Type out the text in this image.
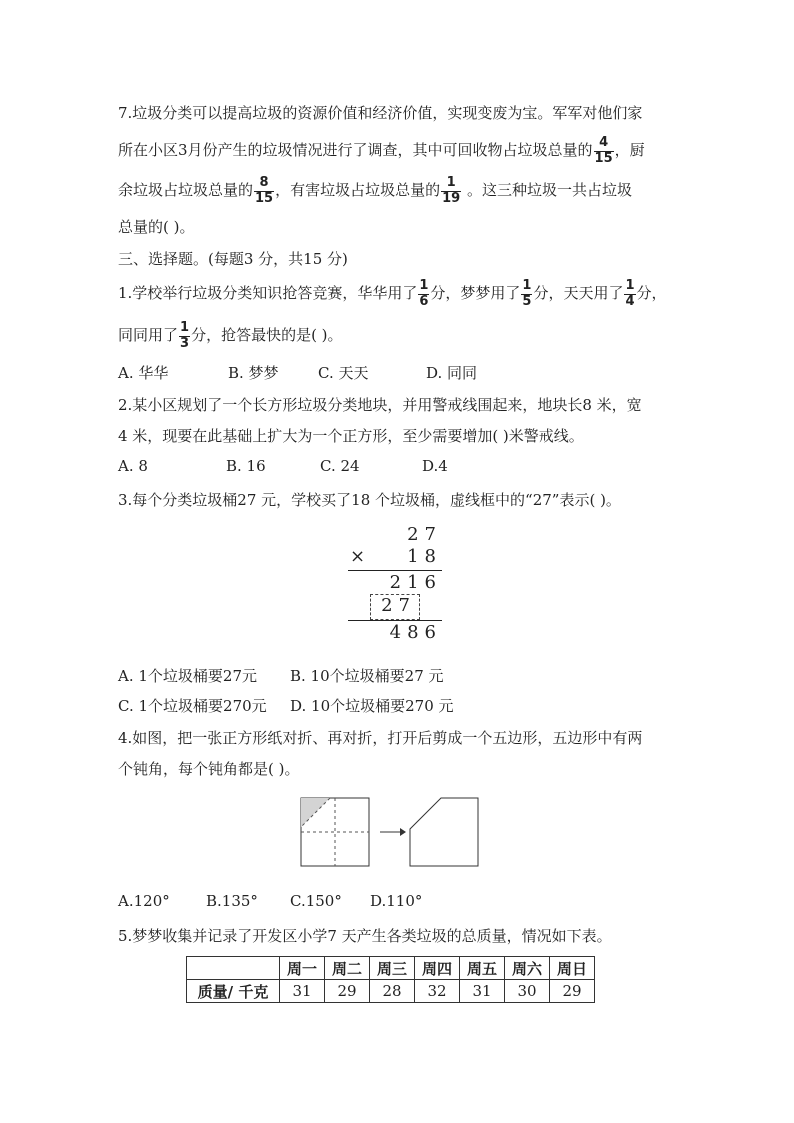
7.垃圾分类可以提高垃圾的资源价值和经济价值，实现变废为宝。军军对他们家
所在小区3月份产生的垃圾情况进行了调查，其中可回收物占垃圾总量的 $\frac{4}{15}$ ，厨
余垃圾占垃圾总量的 $\frac{8}{15}$ ，有害垃圾占垃圾总量的 $\frac{1}{19}$ 。这三种垃圾一共占垃圾
总量的( )。
三、选择题。(每题3 分，共15 分)
1.学校举行垃圾分类知识抢答竞赛，华华用了 $\frac{1}{6}$ 分，梦梦用了 $\frac{1}{5}$ 分，天天用了 $\frac{1}{4}$ 分，
同同用了 $\frac{1}{3}$ 分，抢答最快的是( )。
A. 华华	B. 梦梦	C. 天天	D. 同同
2.某小区规划了一个长方形垃圾分类地块，并用警戒线围起来，地块长8 米，宽
4 米，现要在此基础上扩大为一个正方形，至少需要增加( )米警戒线。
A. 8	B. 16	C. 24	D.4
3.每个分类垃圾桶27 元，学校买了18 个垃圾桶，虚线框中的“27”表示( )。
27
× 18
216
27
486
A. 1个垃圾桶要27元 B. 10个垃圾桶要27 元
C. 1个垃圾桶要270元 D. 10个垃圾桶要270 元
4.如图，把一张正方形纸对折、再对折，打开后剪成一个五边形，五边形中有两
个钝角，每个钝角都是( )。
A.120° B.135° C.150° D.110°
5.梦梦收集并记录了开发区小学7 天产生各类垃圾的总质量，情况如下表。
	周一	周二	周三	周四	周五	周六	周日
质量/ 千克	31	29	28	32	31	30	29
